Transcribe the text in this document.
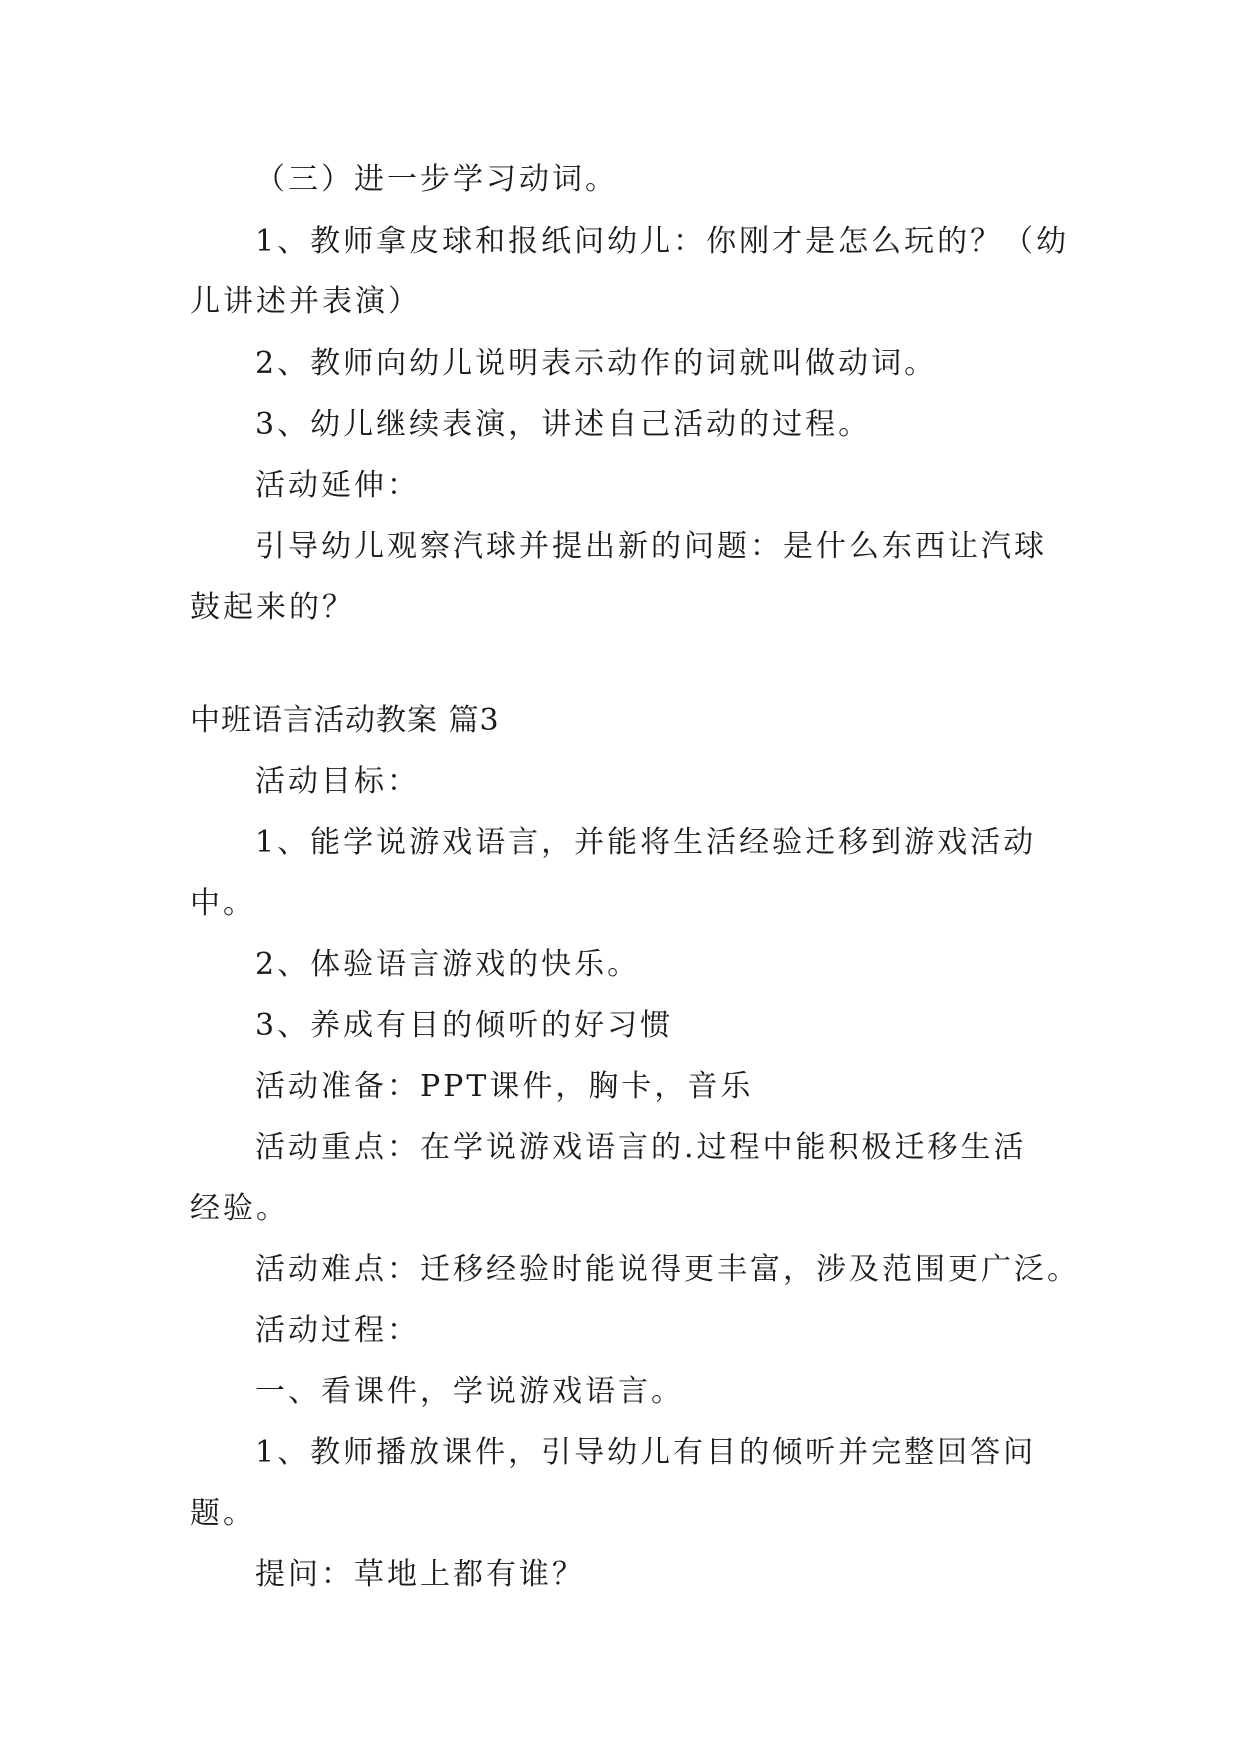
（三）进一步学习动词。
1、教师拿皮球和报纸问幼儿：你刚才是怎么玩的？（幼
儿讲述并表演）
2、教师向幼儿说明表示动作的词就叫做动词。
3、幼儿继续表演，讲述自己活动的过程。
活动延伸：
引导幼儿观察汽球并提出新的问题：是什么东西让汽球
鼓起来的？
中班语言活动教案 篇3
活动目标：
1、能学说游戏语言，并能将生活经验迁移到游戏活动
中。
2、体验语言游戏的快乐。
3、养成有目的倾听的好习惯
活动准备：PPT课件，胸卡，音乐
活动重点：在学说游戏语言的.过程中能积极迁移生活
经验。
活动难点：迁移经验时能说得更丰富，涉及范围更广泛。
活动过程：
一、看课件，学说游戏语言。
1、教师播放课件，引导幼儿有目的倾听并完整回答问
题。
提问：草地上都有谁？
